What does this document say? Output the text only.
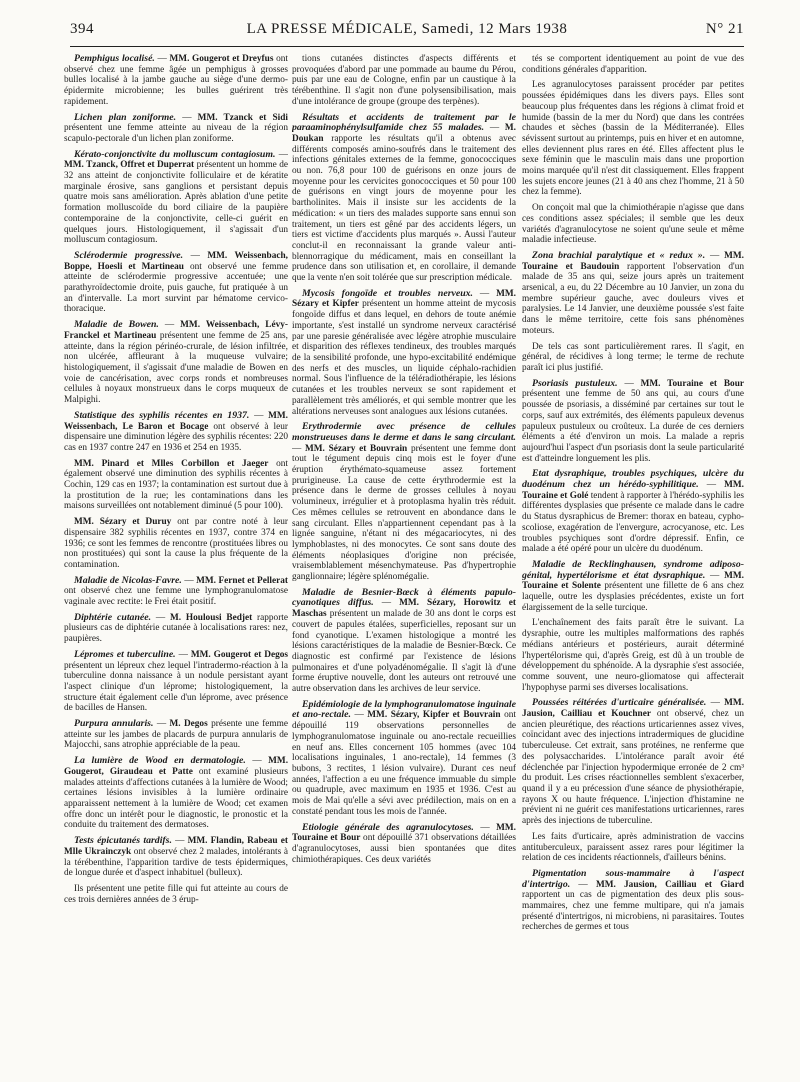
394	LA PRESSE MÉDICALE, Samedi, 12 Mars 1938	N° 21

Pemphigus localisé. — MM. Gougerot et Dreyfus ont observé chez une femme âgée un pemphigus à grosses bulles localisé à la jambe gauche au siège d'une dermo-épidermite microbienne; les bulles guérirent très rapidement.

Lichen plan zoniforme. — MM. Tzanck et Sidi présentent une femme atteinte au niveau de la région scapulo-pectorale d'un lichen plan zoniforme.

Kérato-conjonctivite du molluscum contagiosum. — MM. Tzanck, Offret et Duperrat présentent un homme de 32 ans atteint de conjonctivite folliculaire et de kératite marginale érosive, sans ganglions et persistant depuis quatre mois sans amélioration. Après ablation d'une petite formation molluscoïde du bord ciliaire de la paupière contemporaine de la conjonctivite, celle-ci guérit en quelques jours. Histologiquement, il s'agissait d'un molluscum contagiosum.

Sclérodermie progressive. — MM. Weissenbach, Boppe, Hoesli et Martineau ont observé une femme atteinte de sclérodermie progressive accentuée; une parathyroïdectomie droite, puis gauche, fut pratiquée à un an d'intervalle. La mort survint par hématome cervico-thoracique.

Maladie de Bowen. — MM. Weissenbach, Lévy-Franckel et Martineau présentent une femme de 25 ans, atteinte, dans la région périnéo-crurale, de lésion infiltrée, non ulcérée, affleurant à la muqueuse vulvaire; histologiquement, il s'agissait d'une maladie de Bowen en voie de cancérisation, avec corps ronds et nombreuses cellules à noyaux monstrueux dans le corps muqueux de Malpighi.

Statistique des syphilis récentes en 1937. — MM. Weissenbach, Le Baron et Bocage ont observé à leur dispensaire une diminution légère des syphilis récentes: 220 cas en 1937 contre 247 en 1936 et 254 en 1935.

MM. Pinard et Mlles Corbillon et Jaeger ont également observé une diminution des syphilis récentes à Cochin, 129 cas en 1937; la contamination est surtout due à la prostitution de la rue; les contaminations dans les maisons surveillées ont notablement diminué (5 pour 100).

MM. Sézary et Duruy ont par contre noté à leur dispensaire 382 syphilis récentes en 1937, contre 374 en 1936; ce sont les femmes de rencontre (prostituées libres ou non prostituées) qui sont la cause la plus fréquente de la contamination.

Maladie de Nicolas-Favre. — MM. Fernet et Pellerat ont observé chez une femme une lymphogranulomatose vaginale avec rectite: le Frei était positif.

Diphtérie cutanée. — M. Houlousi Bedjet rapporte plusieurs cas de diphtérie cutanée à localisations rares: nez, paupières.

Lépromes et tuberculine. — MM. Gougerot et Degos présentent un lépreux chez lequel l'intradermo-réaction à la tuberculine donna naissance à un nodule persistant ayant l'aspect clinique d'un léprome; histologiquement, la structure était également celle d'un léprome, avec présence de bacilles de Hansen.

Purpura annularis. — M. Degos présente une femme atteinte sur les jambes de placards de purpura annularis de Majocchi, sans atrophie appréciable de la peau.

La lumière de Wood en dermatologie. — MM. Gougerot, Giraudeau et Patte ont examiné plusieurs malades atteints d'affections cutanées à la lumière de Wood; certaines lésions invisibles à la lumière ordinaire apparaissent nettement à la lumière de Wood; cet examen offre donc un intérêt pour le diagnostic, le pronostic et la conduite du traitement des dermatoses.

Tests épicutanés tardifs. — MM. Flandin, Rabeau et Mlle Ukrainczyk ont observé chez 2 malades, intolérants à la térébenthine, l'apparition tardive de tests épidermiques, de longue durée et d'aspect inhabituel (bulleux).

Ils présentent une petite fille qui fut atteinte au cours de ces trois dernières années de 3 érup-

tions cutanées distinctes d'aspects différents et provoquées d'abord par une pommade au baume du Pérou, puis par une eau de Cologne, enfin par un caustique à la térébenthine. Il s'agit non d'une polysensibilisation, mais d'une intolérance de groupe (groupe des terpènes).

Résultats et accidents de traitement par le paraaminophénylsulfamide chez 55 malades. — M. Doukan rapporte les résultats qu'il a obtenus avec différents composés amino-soufrés dans le traitement des infections génitales externes de la femme, gonococciques ou non. 76,8 pour 100 de guérisons en onze jours de moyenne pour les cervicites gonococciques et 50 pour 100 de guérisons en vingt jours de moyenne pour les bartholinites. Mais il insiste sur les accidents de la médication: « un tiers des malades supporte sans ennui son traitement, un tiers est gêné par des accidents légers, un tiers est victime d'accidents plus marqués ». Aussi l'auteur conclut-il en reconnaissant la grande valeur anti-blennorragique du médicament, mais en conseillant la prudence dans son utilisation et, en corollaire, il demande que la vente n'en soit tolérée que sur prescription médicale.

Mycosis fongoïde et troubles nerveux. — MM. Sézary et Kipfer présentent un homme atteint de mycosis fongoïde diffus et dans lequel, en dehors de toute anémie importante, s'est installé un syndrome nerveux caractérisé par une paresie généralisée avec légère atrophie musculaire et disparition des réflexes tendineux, des troubles marqués de la sensibilité profonde, une hypo-excitabilité endémique des nerfs et des muscles, un liquide céphalo-rachidien normal. Sous l'influence de la téléradiothérapie, les lésions cutanées et les troubles nerveux se sont rapidement et parallèlement très améliorés, et qui semble montrer que les altérations nerveuses sont analogues aux lésions cutanées.

Erythrodermie avec présence de cellules monstrueuses dans le derme et dans le sang circulant. — MM. Sézary et Bouvrain présentent une femme dont tout le tégument depuis cinq mois est le foyer d'une éruption érythémato-squameuse assez fortement prurigineuse. La cause de cette érythrodermie est la présence dans le derme de grosses cellules à noyau volumineux, irrégulier et à protoplasma hyalin très réduit. Ces mêmes cellules se retrouvent en abondance dans le sang circulant. Elles n'appartiennent cependant pas à la lignée sanguine, n'étant ni des mégacariocytes, ni des lymphoblastes, ni des monocytes. Ce sont sans doute des éléments néoplasiques d'origine non précisée, vraisemblablement mésenchymateuse. Pas d'hypertrophie ganglionnaire; légère splénomégalie.

Maladie de Besnier-Bœck à éléments papulo-cyanotiques diffus. — MM. Sézary, Horowitz et Maschas présentent un malade de 30 ans dont le corps est couvert de papules étalées, superficielles, reposant sur un fond cyanotique. L'examen histologique a montré les lésions caractéristiques de la maladie de Besnier-Bœck. Ce diagnostic est confirmé par l'existence de lésions pulmonaires et d'une polyadénomégalie. Il s'agit là d'une forme éruptive nouvelle, dont les auteurs ont retrouvé une autre observation dans les archives de leur service.

Epidémiologie de la lymphogranulomatose inguinale et ano-rectale. — MM. Sézary, Kipfer et Bouvrain ont dépouillé 119 observations personnelles de lymphogranulomatose inguinale ou ano-rectale recueillies en neuf ans. Elles concernent 105 hommes (avec 104 localisations inguinales, 1 ano-rectale), 14 femmes (3 bubons, 3 rectites, 1 lésion vulvaire). Durant ces neuf années, l'affection a eu une fréquence immuable du simple ou quadruple, avec maximum en 1935 et 1936. C'est au mois de Mai qu'elle a sévi avec prédilection, mais on en a constaté pendant tous les mois de l'année.

Etiologie générale des agranulocytoses. — MM. Touraine et Bour ont dépouillé 371 observations détaillées d'agranulocytoses, aussi bien spontanées que dites chimiothérapiques. Ces deux variétés

tés se comportent identiquement au point de vue des conditions générales d'apparition.

Les agranulocytoses paraissent procéder par petites poussées épidémiques dans les divers pays. Elles sont beaucoup plus fréquentes dans les régions à climat froid et humide (bassin de la mer du Nord) que dans les contrées chaudes et sèches (bassin de la Méditerranée). Elles sévissent surtout au printemps, puis en hiver et en automne, elles deviennent plus rares en été. Elles affectent plus le sexe féminin que le masculin mais dans une proportion moins marquée qu'il n'est dit classiquement. Elles frappent les sujets encore jeunes (21 à 40 ans chez l'homme, 21 à 50 chez la femme).

On conçoit mal que la chimiothérapie n'agisse que dans ces conditions assez spéciales; il semble que les deux variétés d'agranulocytose ne soient qu'une seule et même maladie infectieuse.

Zona brachial paralytique et « redux ». — MM. Touraine et Baudouin rapportent l'observation d'un malade de 35 ans qui, seize jours après un traitement arsenical, a eu, du 22 Décembre au 10 Janvier, un zona du membre supérieur gauche, avec douleurs vives et paralysies. Le 14 Janvier, une deuxième poussée s'est faite dans le même territoire, cette fois sans phénomènes moteurs.

De tels cas sont particulièrement rares. Il s'agit, en général, de récidives à long terme; le terme de rechute paraît ici plus justifié.

Psoriasis pustuleux. — MM. Touraine et Bour présentent une femme de 50 ans qui, au cours d'une poussée de psoriasis, a disséminé par certaines sur tout le corps, sauf aux extrémités, des éléments papuleux devenus papuleux pustuleux ou croûteux. La durée de ces derniers éléments a été d'environ un mois. La malade a repris aujourd'hui l'aspect d'un psoriasis dont la seule particularité est d'atteindre longuement les plis.

Etat dysraphique, troubles psychiques, ulcère du duodénum chez un hérédo-syphilitique. — MM. Touraine et Golé tendent à rapporter à l'hérédo-syphilis les différentes dysplasies que présente ce malade dans le cadre du Status dysraphicus de Bremer: thorax en bateau, cypho-scoliose, exagération de l'envergure, acrocyanose, etc. Les troubles psychiques sont d'ordre dépressif. Enfin, ce malade a été opéré pour un ulcère du duodénum.

Maladie de Recklinghausen, syndrome adiposo-génital, hypertélorisme et état dysraphique. — MM. Touraine et Solente présentent une fillette de 6 ans chez laquelle, outre les dysplasies précédentes, existe un fort élargissement de la selle turcique.

L'enchaînement des faits paraît être le suivant. La dysraphie, outre les multiples malformations des raphés médians antérieurs et postérieurs, aurait déterminé l'hypertélorisme qui, d'après Greig, est dû à un trouble de développement du sphénoïde. A la dysraphie s'est associée, comme souvent, une neuro-gliomatose qui affecterait l'hypophyse parmi ses diverses localisations.

Poussées réitérées d'urticaire généralisée. — MM. Jausion, Cailliau et Kouchner ont observé, chez un ancien pleurétique, des réactions urticariennes assez vives, coïncidant avec des injections intradermiques de glucidine tuberculeuse. Cet extrait, sans protéines, ne renferme que des polysaccharides. L'intolérance paraît avoir été déclenchée par l'injection hypodermique erronée de 2 cm³ du produit. Les crises réactionnelles semblent s'exacerber, quand il y a eu précession d'une séance de physiothérapie, rayons X ou haute fréquence. L'injection d'histamine ne prévient ni ne guérit ces manifestations urticariennes, rares après des injections de tuberculine.

Les faits d'urticaire, après administration de vaccins antituberculeux, paraissent assez rares pour légitimer la relation de ces incidents réactionnels, d'ailleurs bénins.

Pigmentation sous-mammaire à l'aspect d'intertrigo. — MM. Jausion, Cailliau et Giard rapportent un cas de pigmentation des deux plis sous-mammaires, chez une femme multipare, qui n'a jamais présenté d'intertrigos, ni microbiens, ni parasitaires. Toutes recherches de germes et tous
